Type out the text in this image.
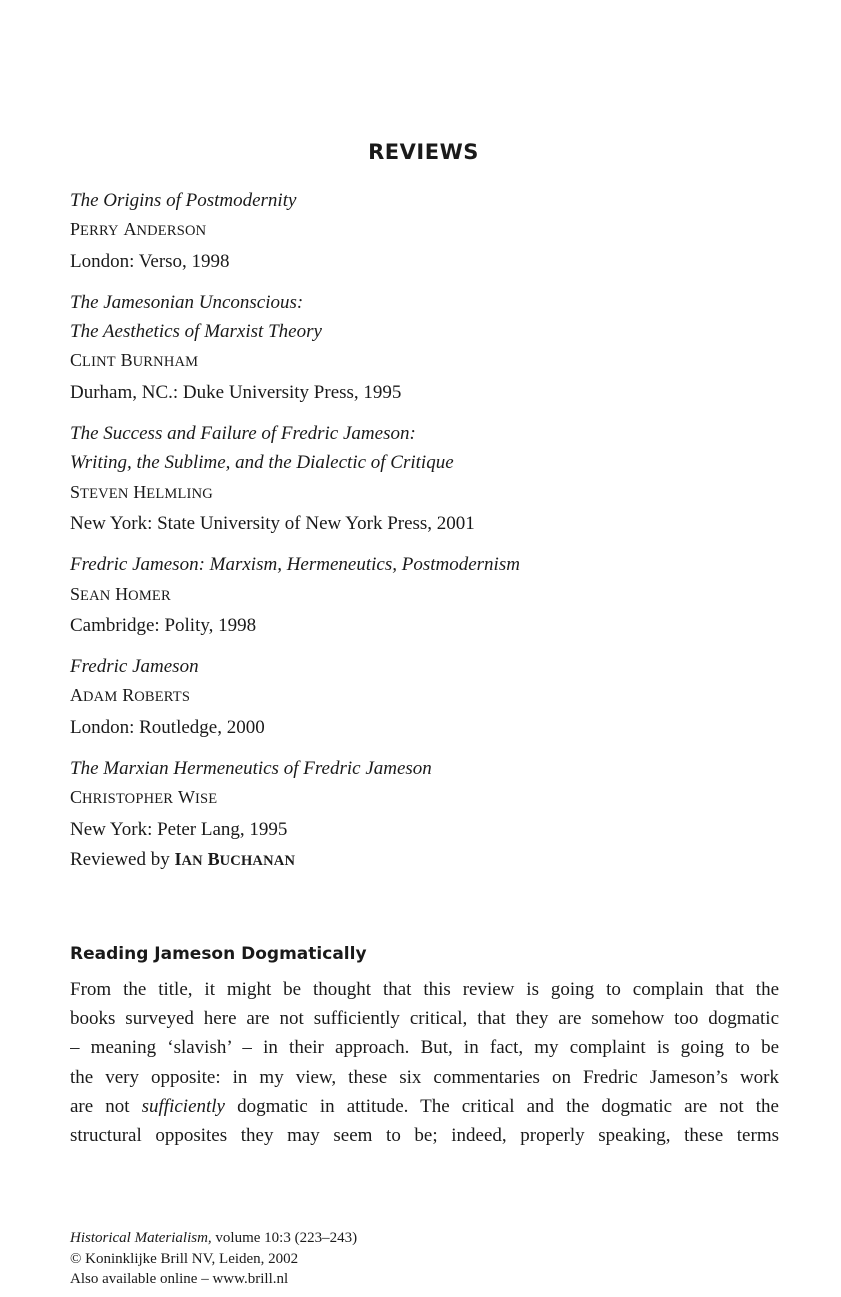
REVIEWS
The Origins of Postmodernity
PERRY ANDERSON
London: Verso, 1998
The Jamesonian Unconscious:
The Aesthetics of Marxist Theory
CLINT BURNHAM
Durham, NC.: Duke University Press, 1995
The Success and Failure of Fredric Jameson:
Writing, the Sublime, and the Dialectic of Critique
STEVEN HELMLING
New York: State University of New York Press, 2001
Fredric Jameson: Marxism, Hermeneutics, Postmodernism
SEAN HOMER
Cambridge: Polity, 1998
Fredric Jameson
ADAM ROBERTS
London: Routledge, 2000
The Marxian Hermeneutics of Fredric Jameson
CHRISTOPHER WISE
New York: Peter Lang, 1995
Reviewed by IAN BUCHANAN
Reading Jameson Dogmatically
From the title, it might be thought that this review is going to complain that the
books surveyed here are not sufficiently critical, that they are somehow too dogmatic
– meaning ‘slavish’ – in their approach. But, in fact, my complaint is going to be
the very opposite: in my view, these six commentaries on Fredric Jameson’s work
are not sufficiently dogmatic in attitude. The critical and the dogmatic are not the
structural opposites they may seem to be; indeed, properly speaking, these terms
Historical Materialism, volume 10:3 (223–243)
© Koninklijke Brill NV, Leiden, 2002
Also available online – www.brill.nl
